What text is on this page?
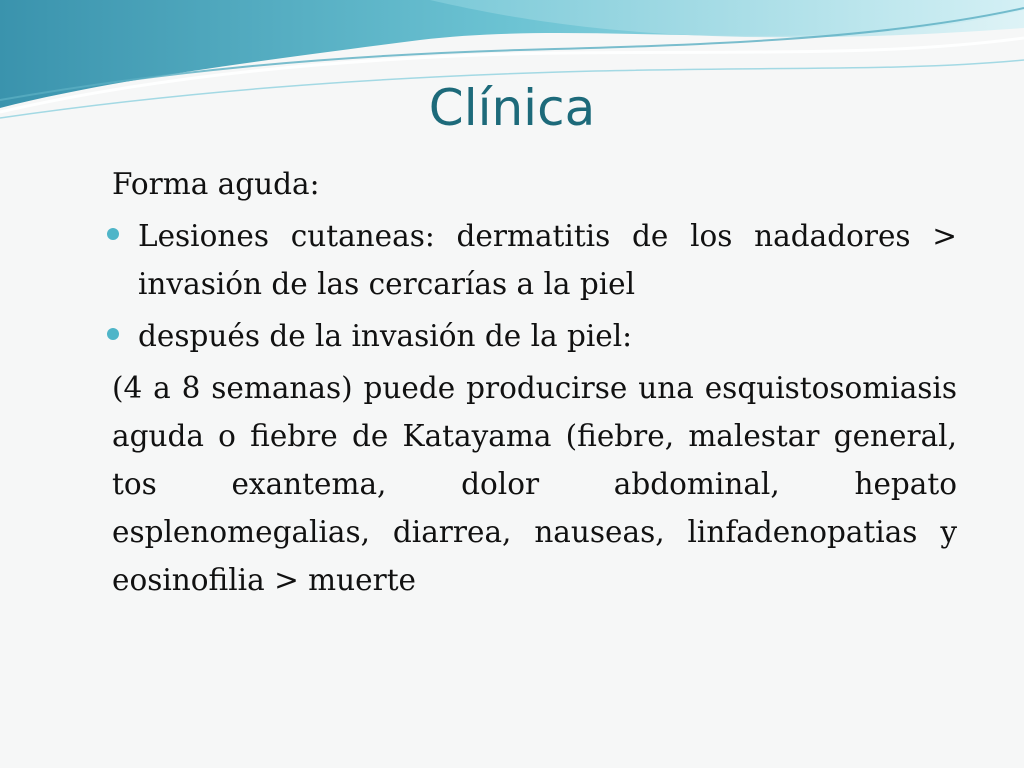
Clínica

Forma aguda:

Lesiones cutaneas: dermatitis de los nadadores > invasión de las cercarías a la piel
después de la invasión de la piel:

(4 a 8 semanas) puede producirse una esquistosomiasis aguda o fiebre de Katayama (fiebre, malestar general, tos exantema, dolor abdominal, hepato esplenomegalias, diarrea, nauseas, linfadenopatias y eosinofilia > muerte
